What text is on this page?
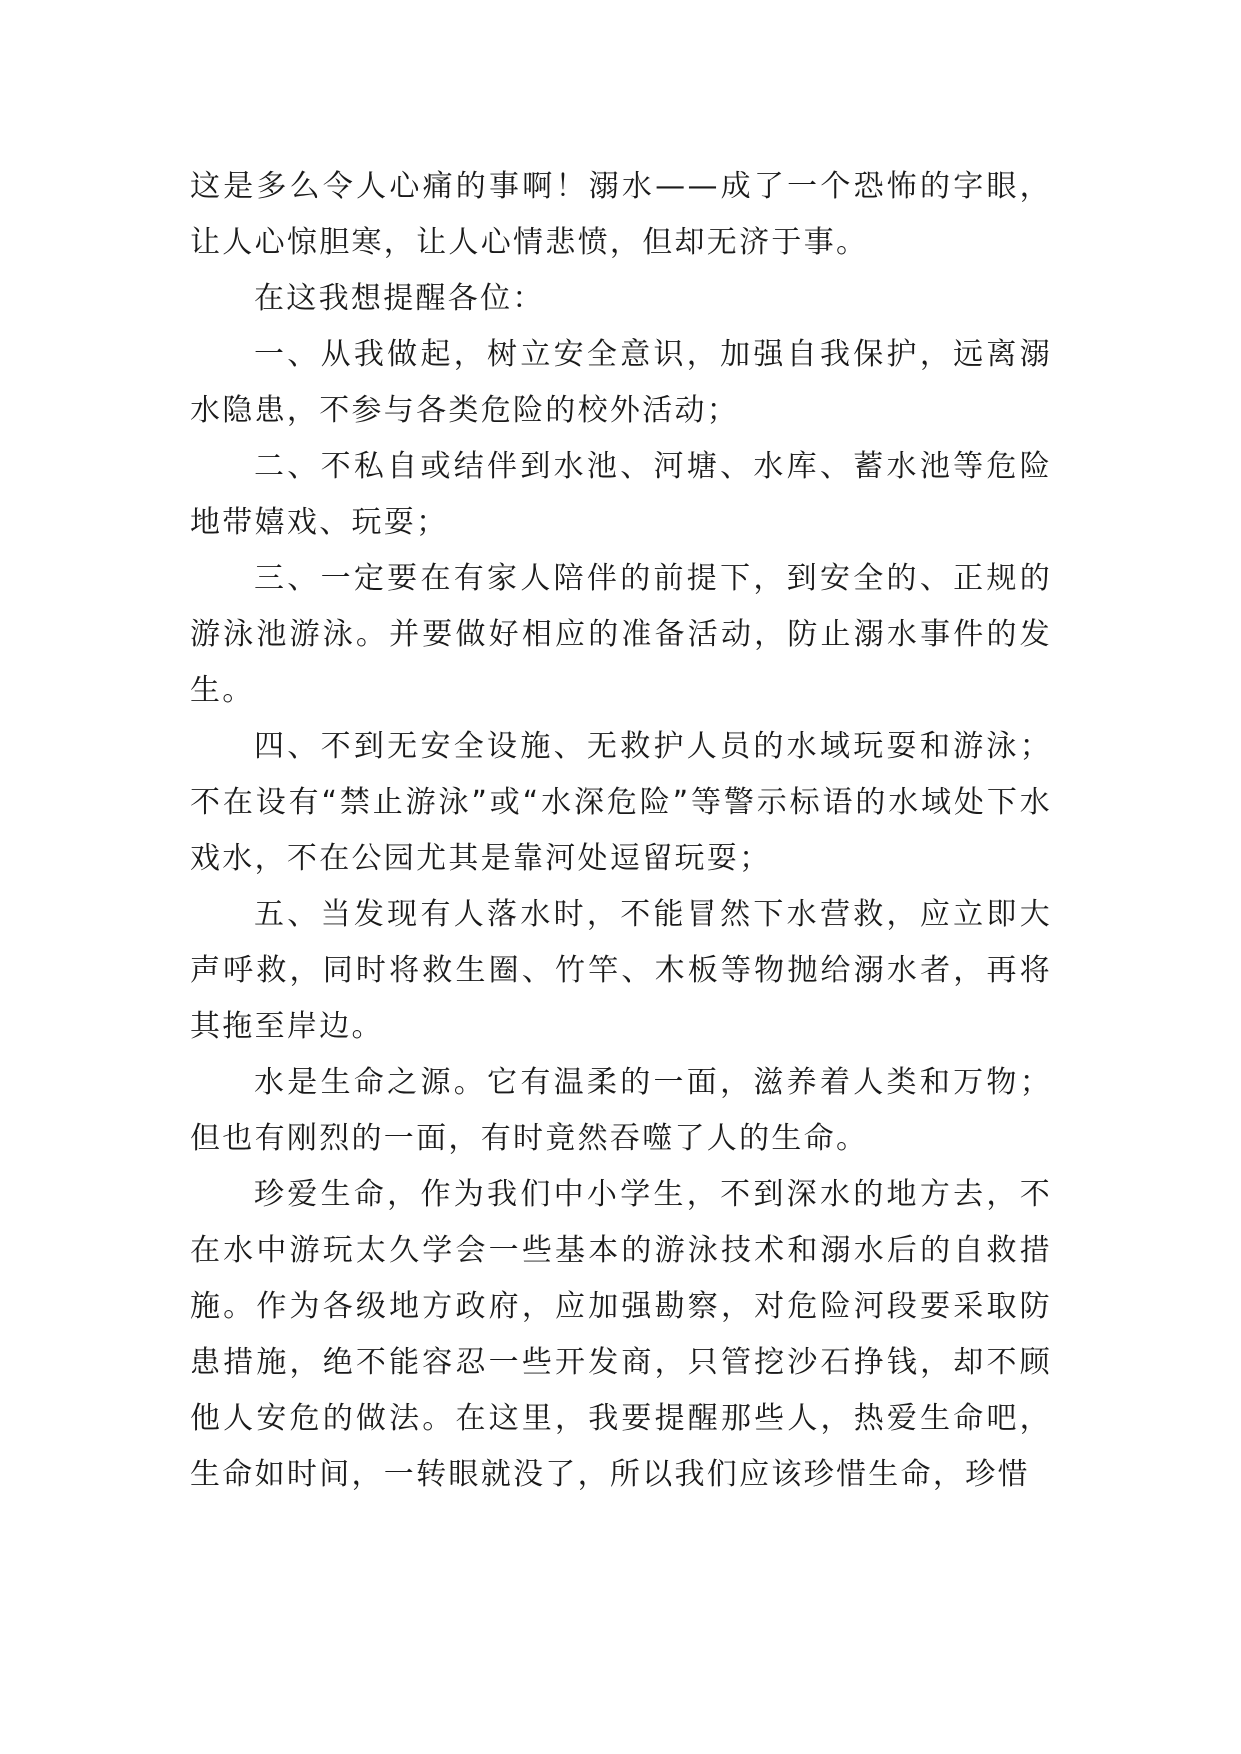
这是多么令人心痛的事啊！溺水——成了一个恐怖的字眼，让人心惊胆寒，让人心情悲愤，但却无济于事。

在这我想提醒各位：

一、从我做起，树立安全意识，加强自我保护，远离溺水隐患，不参与各类危险的校外活动；

二、不私自或结伴到水池、河塘、水库、蓄水池等危险地带嬉戏、玩耍；

三、一定要在有家人陪伴的前提下，到安全的、正规的游泳池游泳。并要做好相应的准备活动，防止溺水事件的发生。

四、不到无安全设施、无救护人员的水域玩耍和游泳；不在设有“禁止游泳”或“水深危险”等警示标语的水域处下水戏水，不在公园尤其是靠河处逗留玩耍；

五、当发现有人落水时，不能冒然下水营救，应立即大声呼救，同时将救生圈、竹竿、木板等物抛给溺水者，再将其拖至岸边。

水是生命之源。它有温柔的一面，滋养着人类和万物；但也有刚烈的一面，有时竟然吞噬了人的生命。

珍爱生命，作为我们中小学生，不到深水的地方去，不在水中游玩太久学会一些基本的游泳技术和溺水后的自救措施。作为各级地方政府，应加强勘察，对危险河段要采取防患措施，绝不能容忍一些开发商，只管挖沙石挣钱，却不顾他人安危的做法。在这里，我要提醒那些人，热爱生命吧，生命如时间，一转眼就没了，所以我们应该珍惜生命，珍惜
